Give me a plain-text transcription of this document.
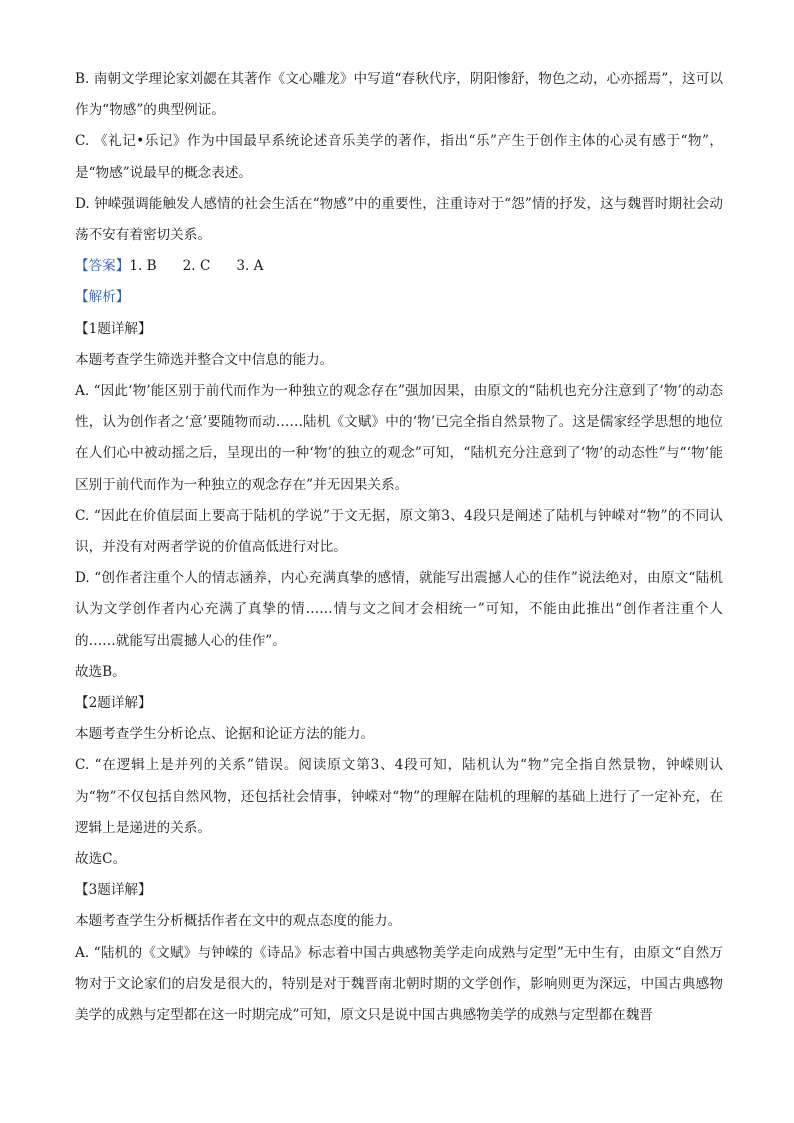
B. 南朝文学理论家刘勰在其著作《文心雕龙》中写道“春秋代序，阴阳惨舒，物色之动，心亦摇焉”，这可以作为“物感”的典型例证。

C. 《礼记•乐记》作为中国最早系统论述音乐美学的著作，指出“乐”产生于创作主体的心灵有感于“物”，是“物感”说最早的概念表述。

D. 钟嵘强调能触发人感情的社会生活在“物感”中的重要性，注重诗对于“怨”情的抒发，这与魏晋时期社会动荡不安有着密切关系。

【答案】1. B 2. C 3. A

【解析】

【1题详解】

本题考查学生筛选并整合文中信息的能力。

A. “因此‘物’能区别于前代而作为一种独立的观念存在”强加因果，由原文的“陆机也充分注意到了‘物’的动态性，认为创作者之‘意’要随物而动……陆机《文赋》中的‘物’已完全指自然景物了。这是儒家经学思想的地位在人们心中被动摇之后，呈现出的一种‘物’的独立的观念”可知，“陆机充分注意到了‘物’的动态性”与“‘物’能区别于前代而作为一种独立的观念存在”并无因果关系。

C. “因此在价值层面上要高于陆机的学说”于文无据，原文第3、4段只是阐述了陆机与钟嵘对“物”的不同认识，并没有对两者学说的价值高低进行对比。

D. “创作者注重个人的情志涵养，内心充满真挚的感情，就能写出震撼人心的佳作”说法绝对，由原文“陆机认为文学创作者内心充满了真挚的情……情与文之间才会相统一”可知，不能由此推出“创作者注重个人的……就能写出震撼人心的佳作”。

故选B。

【2题详解】

本题考查学生分析论点、论据和论证方法的能力。

C. “在逻辑上是并列的关系”错误。阅读原文第3、4段可知，陆机认为“物”完全指自然景物，钟嵘则认为“物”不仅包括自然风物，还包括社会情事，钟嵘对“物”的理解在陆机的理解的基础上进行了一定补充，在逻辑上是递进的关系。

故选C。

【3题详解】

本题考查学生分析概括作者在文中的观点态度的能力。

A. “陆机的《文赋》与钟嵘的《诗品》标志着中国古典感物美学走向成熟与定型”无中生有，由原文“自然万物对于文论家们的启发是很大的，特别是对于魏晋南北朝时期的文学创作，影响则更为深远，中国古典感物美学的成熟与定型都在这一时期完成”可知，原文只是说中国古典感物美学的成熟与定型都在魏晋
